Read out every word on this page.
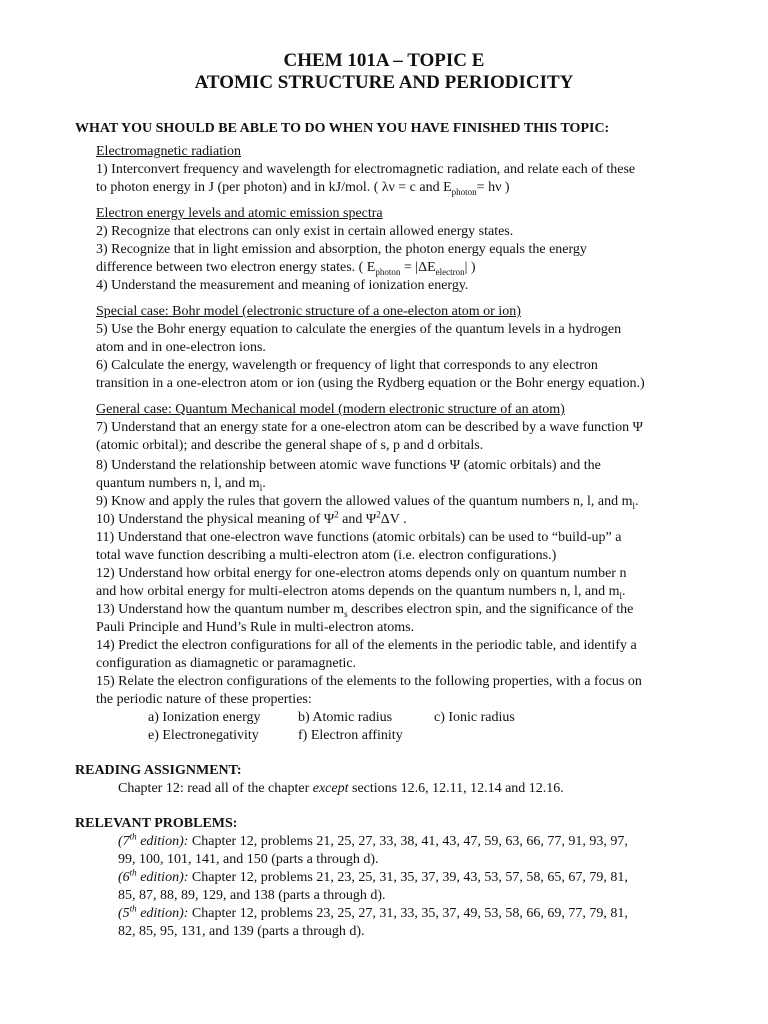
CHEM 101A – TOPIC E
ATOMIC STRUCTURE AND PERIODICITY
WHAT YOU SHOULD BE ABLE TO DO WHEN YOU HAVE FINISHED THIS TOPIC:
Electromagnetic radiation
1) Interconvert frequency and wavelength for electromagnetic radiation, and relate each of these
to photon energy in J (per photon) and in kJ/mol. ( λν = c and $E_{photon}= h\nu$ )
Electron energy levels and atomic emission spectra
2) Recognize that electrons can only exist in certain allowed energy states.
3) Recognize that in light emission and absorption, the photon energy equals the energy
difference between two electron energy states. ( $E_{photon} = |\Delta E_{electron}|$ )
4) Understand the measurement and meaning of ionization energy.
Special case: Bohr model (electronic structure of a one-electon atom or ion)
5) Use the Bohr energy equation to calculate the energies of the quantum levels in a hydrogen
atom and in one-electron ions.
6) Calculate the energy, wavelength or frequency of light that corresponds to any electron
transition in a one-electron atom or ion (using the Rydberg equation or the Bohr energy equation.)
General case: Quantum Mechanical model (modern electronic structure of an atom)
7) Understand that an energy state for a one-electron atom can be described by a wave function Ψ
(atomic orbital); and describe the general shape of s, p and d orbitals.
8) Understand the relationship between atomic wave functions Ψ (atomic orbitals) and the
quantum numbers n, l, and $m_l$.
9) Know and apply the rules that govern the allowed values of the quantum numbers n, l, and $m_l$.
10) Understand the physical meaning of $\Psi^2$ and $\Psi^2\Delta V$ .
11) Understand that one-electron wave functions (atomic orbitals) can be used to “build-up” a
total wave function describing a multi-electron atom (i.e. electron configurations.)
12) Understand how orbital energy for one-electron atoms depends only on quantum number n
and how orbital energy for multi-electron atoms depends on the quantum numbers n, l, and $m_l$.
13) Understand how the quantum number $m_s$ describes electron spin, and the significance of the
Pauli Principle and Hund’s Rule in multi-electron atoms.
14) Predict the electron configurations for all of the elements in the periodic table, and identify a
configuration as diamagnetic or paramagnetic.
15) Relate the electron configurations of the elements to the following properties, with a focus on
the periodic nature of these properties:
a) Ionization energy	b) Atomic radius	c) Ionic radius
e) Electronegativity	f) Electron affinity
READING ASSIGNMENT:
Chapter 12: read all of the chapter except sections 12.6, 12.11, 12.14 and 12.16.
RELEVANT PROBLEMS:
(7th edition): Chapter 12, problems 21, 25, 27, 33, 38, 41, 43, 47, 59, 63, 66, 77, 91, 93, 97,
99, 100, 101, 141, and 150 (parts a through d).
(6th edition): Chapter 12, problems 21, 23, 25, 31, 35, 37, 39, 43, 53, 57, 58, 65, 67, 79, 81,
85, 87, 88, 89, 129, and 138 (parts a through d).
(5th edition): Chapter 12, problems 23, 25, 27, 31, 33, 35, 37, 49, 53, 58, 66, 69, 77, 79, 81,
82, 85, 95, 131, and 139 (parts a through d).
